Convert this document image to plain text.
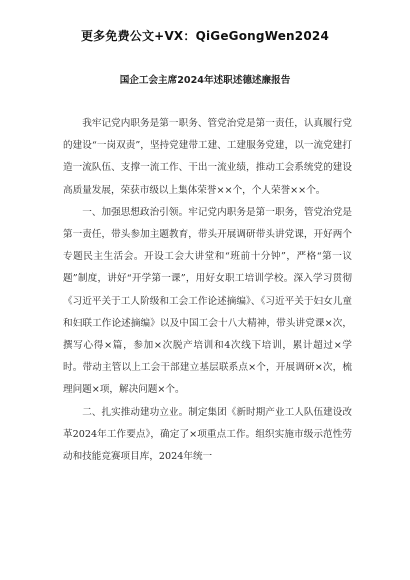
更多免费公文+VX：QiGeGongWen2024
国企工会主席2024年述职述德述廉报告

我牢记党内职务是第一职务、管党治党是第一责任，认真履行党的建设“一岗双责”，坚持党建带工建、工建服务党建，以一流党建打造一流队伍、支撑一流工作、干出一流业绩，推动工会系统党的建设高质量发展，荣获市级以上集体荣誉××个，个人荣誉××个。

一、加强思想政治引领。牢记党内职务是第一职务，管党治党是第一责任，带头参加主题教育，带头开展调研带头讲党课，开好两个专题民主生活会。开设工会大讲堂和“班前十分钟”，严格“第一议题”制度，讲好“开学第一课”，用好女职工培训学校。深入学习贯彻《习近平关于工人阶级和工会工作论述摘编》、《习近平关于妇女儿童和妇联工作论述摘编》以及中国工会十八大精神，带头讲党课×次，撰写心得×篇，参加×次脱产培训和4次线下培训，累计超过×学时。带动主管以上工会干部建立基层联系点×个，开展调研×次，梳理问题×项，解决问题×个。

二、扎实推动建功立业。制定集团《新时期产业工人队伍建设改革2024年工作要点》，确定了×项重点工作。组织实施市级示范性劳动和技能竞赛项目库，2024年统一
